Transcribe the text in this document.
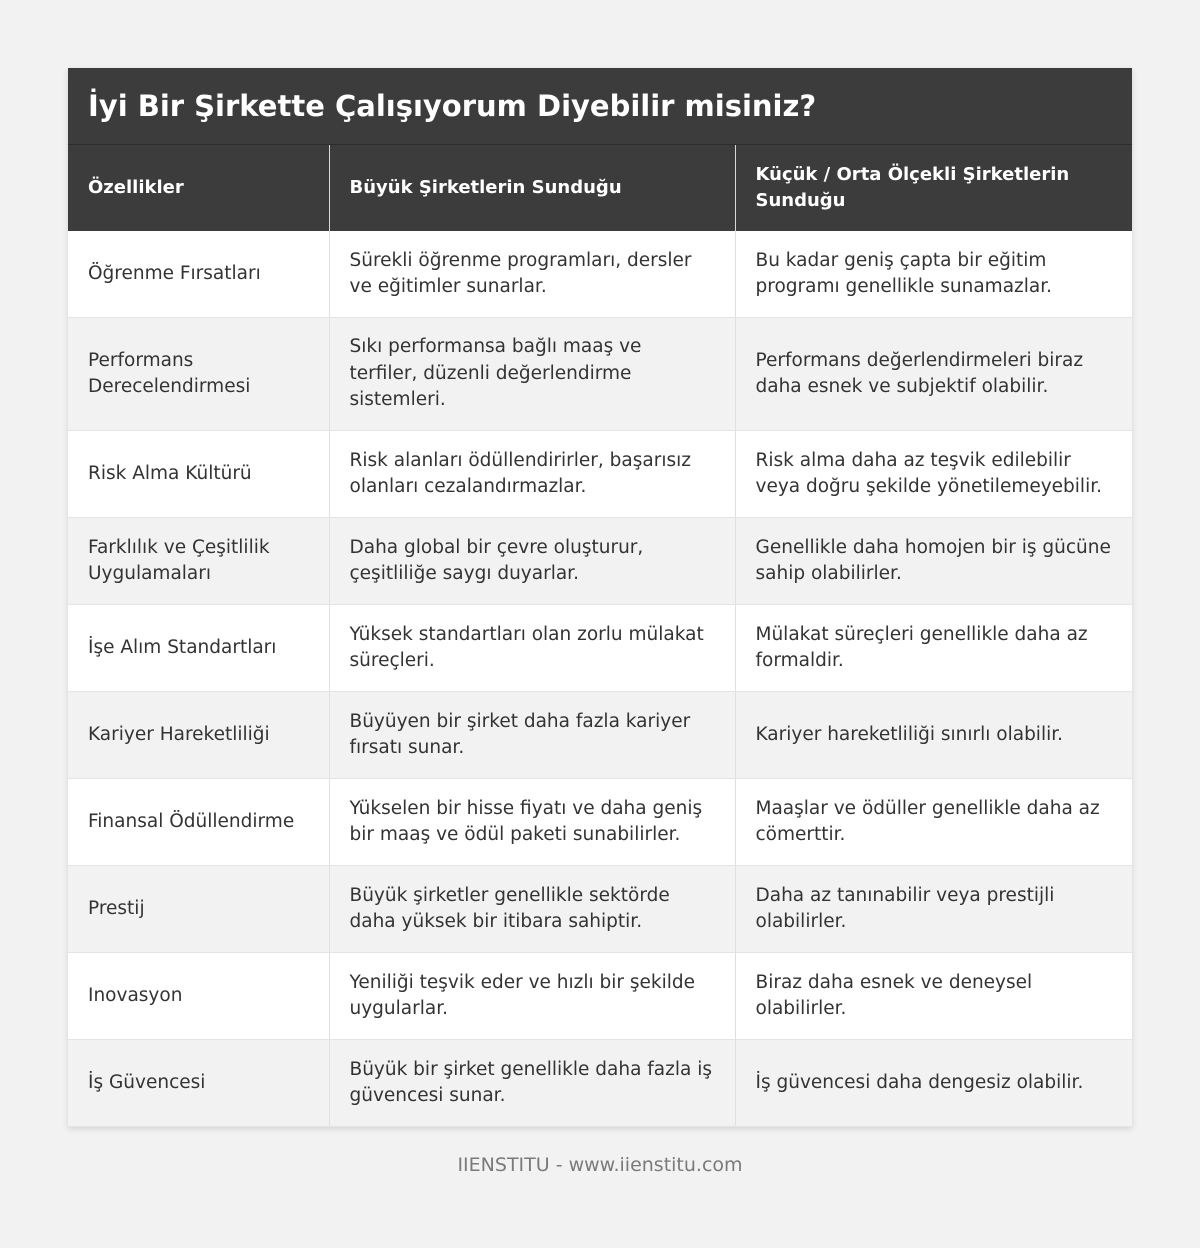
İyi Bir Şirkette Çalışıyorum Diyebilir misiniz?
Özellikler	Büyük Şirketlerin Sunduğu	Küçük / Orta Ölçekli Şirketlerin Sunduğu
Öğrenme Fırsatları	Sürekli öğrenme programları, dersler ve eğitimler sunarlar.	Bu kadar geniş çapta bir eğitim programı genellikle sunamazlar.
Performans Derecelendirmesi	Sıkı performansa bağlı maaş ve terfiler, düzenli değerlendirme sistemleri.	Performans değerlendirmeleri biraz daha esnek ve subjektif olabilir.
Risk Alma Kültürü	Risk alanları ödüllendirirler, başarısız olanları cezalandırmazlar.	Risk alma daha az teşvik edilebilir veya doğru şekilde yönetilemeyebilir.
Farklılık ve Çeşitlilik Uygulamaları	Daha global bir çevre oluşturur, çeşitliliğe saygı duyarlar.	Genellikle daha homojen bir iş gücüne sahip olabilirler.
İşe Alım Standartları	Yüksek standartları olan zorlu mülakat süreçleri.	Mülakat süreçleri genellikle daha az formaldir.
Kariyer Hareketliliği	Büyüyen bir şirket daha fazla kariyer fırsatı sunar.	Kariyer hareketliliği sınırlı olabilir.
Finansal Ödüllendirme	Yükselen bir hisse fiyatı ve daha geniş bir maaş ve ödül paketi sunabilirler.	Maaşlar ve ödüller genellikle daha az cömerttir.
Prestij	Büyük şirketler genellikle sektörde daha yüksek bir itibara sahiptir.	Daha az tanınabilir veya prestijli olabilirler.
Inovasyon	Yeniliği teşvik eder ve hızlı bir şekilde uygularlar.	Biraz daha esnek ve deneysel olabilirler.
İş Güvencesi	Büyük bir şirket genellikle daha fazla iş güvencesi sunar.	İş güvencesi daha dengesiz olabilir.
IIENSTITU - www.iienstitu.com
